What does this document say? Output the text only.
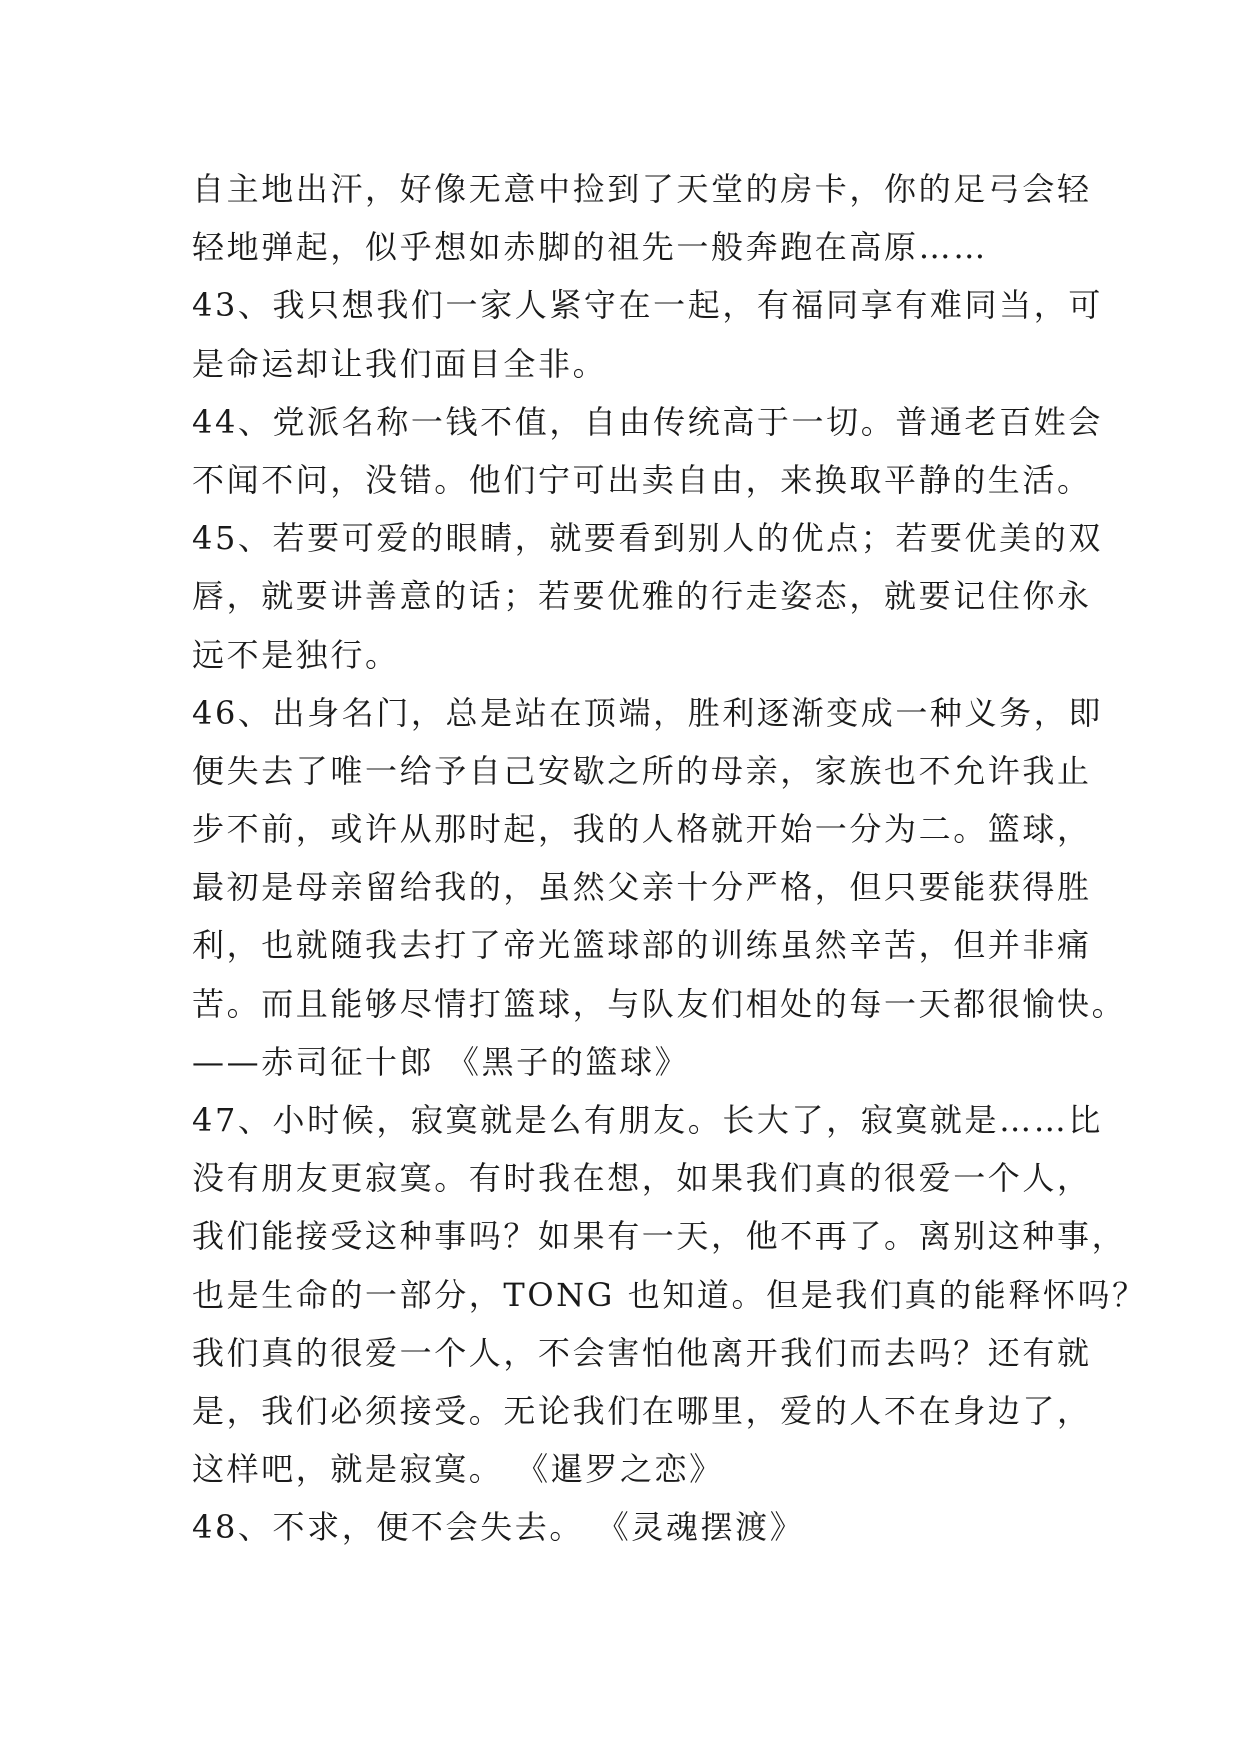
自主地出汗，好像无意中捡到了天堂的房卡，你的足弓会轻
轻地弹起，似乎想如赤脚的祖先一般奔跑在高原……
43、我只想我们一家人紧守在一起，有福同享有难同当，可
是命运却让我们面目全非。
44、党派名称一钱不值，自由传统高于一切。普通老百姓会
不闻不问，没错。他们宁可出卖自由，来换取平静的生活。
45、若要可爱的眼睛，就要看到别人的优点；若要优美的双
唇，就要讲善意的话；若要优雅的行走姿态，就要记住你永
远不是独行。
46、出身名门，总是站在顶端，胜利逐渐变成一种义务，即
便失去了唯一给予自己安歇之所的母亲，家族也不允许我止
步不前，或许从那时起，我的人格就开始一分为二。篮球，
最初是母亲留给我的，虽然父亲十分严格，但只要能获得胜
利，也就随我去打了帝光篮球部的训练虽然辛苦，但并非痛
苦。而且能够尽情打篮球，与队友们相处的每一天都很愉快。
——赤司征十郎 《黑子的篮球》
47、小时候，寂寞就是么有朋友。长大了，寂寞就是……比
没有朋友更寂寞。有时我在想，如果我们真的很爱一个人，
我们能接受这种事吗？如果有一天，他不再了。离别这种事，
也是生命的一部分，TONG 也知道。但是我们真的能释怀吗？
我们真的很爱一个人，不会害怕他离开我们而去吗？还有就
是，我们必须接受。无论我们在哪里，爱的人不在身边了，
这样吧，就是寂寞。 《暹罗之恋》
48、不求，便不会失去。 《灵魂摆渡》
